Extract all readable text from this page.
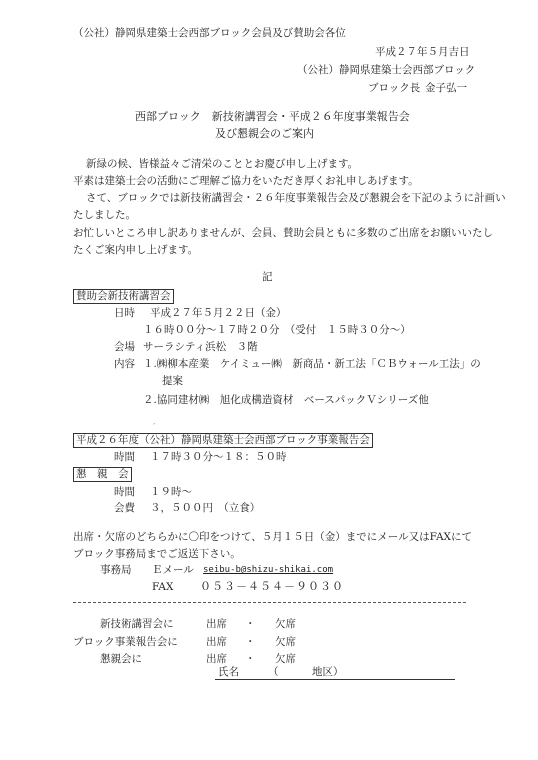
（公社）静岡県建築士会西部ブロック会員及び賛助会各位
平成２７年５月吉日
（公社）静岡県建築士会西部ブロック
ブロック長 金子弘一
西部ブロック　新技術講習会・平成２６年度事業報告会
及び懇親会のご案内
新緑の候、皆様益々ご清栄のこととお慶び申し上げます。
平素は建築士会の活動にご理解ご協力をいただき厚くお礼申しあげます。
さて、ブロックでは新技術講習会・２６年度事業報告会及び懇親会を下記のように計画い
たしました。
お忙しいところ申し訳ありませんが、会員、賛助会員ともに多数のご出席をお願いいたし
たくご案内申し上げます。
記
賛助会新技術講習会
日時 平成２７年５月２２日（金）
１６時００分～１７時２０分　（受付　１５時３０分～）
会場 サーラシティ浜松　３階
内容 １.㈱柳本産業　ケイミュー㈱　新商品・新工法「ＣＢウォール工法」の
提案
２.協同建材㈱　旭化成構造資材　ベースパックＶシリーズ他
´
平成２６年度（公社）静岡県建築士会西部ブロック事業報告会
時間 １７時３０分～１８：５０時
懇　親　会
時間 １９時～
会費 ３，５００円　（立食）
出席・欠席のどちらかに〇印をつけて、５月１５日（金）までにメール又はFAXにて
ブロック事務局までご返送下さい。
事務局 Ｅメール seibu-b@shizu-shikai.com
FAX ０５３－４５４－９０３０
新技術講習会に	出席 ・ 欠席
ブロック事業報告会に	出席 ・ 欠席
懇親会に	出席 ・ 欠席
氏名	（	地区）
